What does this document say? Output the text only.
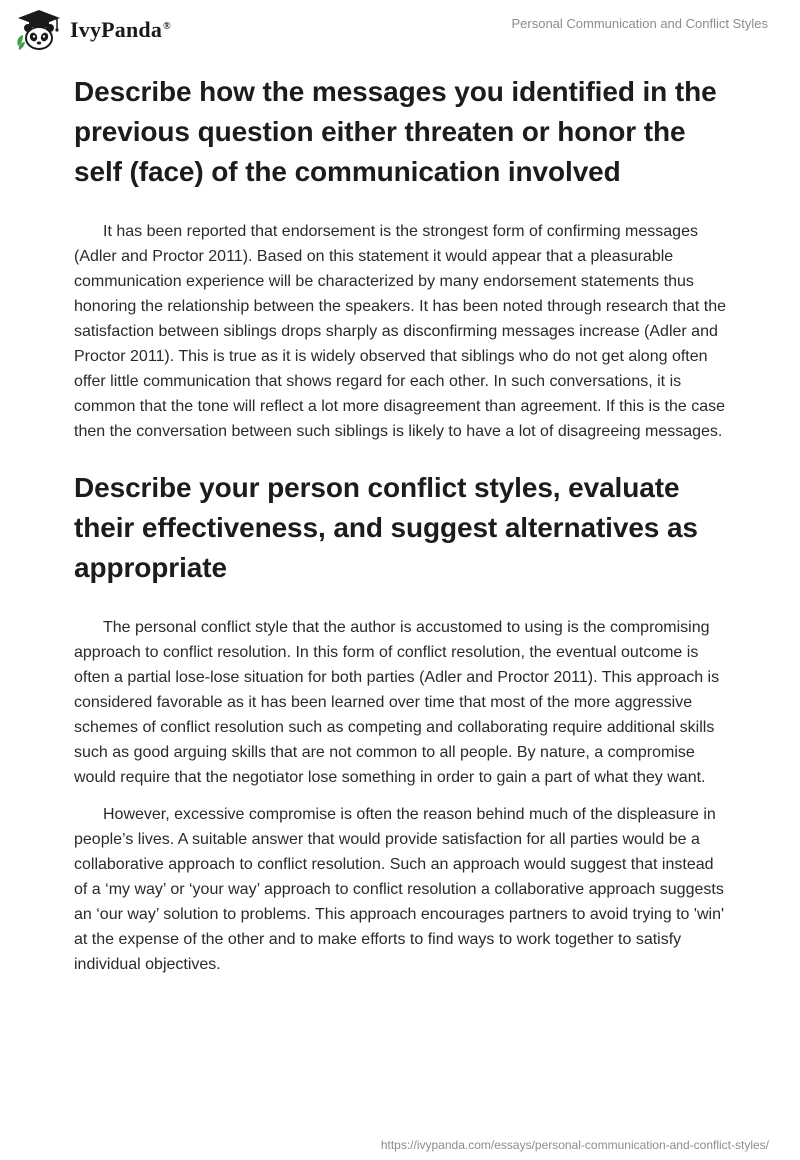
IvyPanda®	Personal Communication and Conflict Styles
Describe how the messages you identified in the previous question either threaten or honor the self (face) of the communication involved

It has been reported that endorsement is the strongest form of confirming messages (Adler and Proctor 2011). Based on this statement it would appear that a pleasurable communication experience will be characterized by many endorsement statements thus honoring the relationship between the speakers. It has been noted through research that the satisfaction between siblings drops sharply as disconfirming messages increase (Adler and Proctor 2011). This is true as it is widely observed that siblings who do not get along often offer little communication that shows regard for each other. In such conversations, it is common that the tone will reflect a lot more disagreement than agreement. If this is the case then the conversation between such siblings is likely to have a lot of disagreeing messages.

Describe your person conflict styles, evaluate their effectiveness, and suggest alternatives as appropriate

The personal conflict style that the author is accustomed to using is the compromising approach to conflict resolution. In this form of conflict resolution, the eventual outcome is often a partial lose-lose situation for both parties (Adler and Proctor 2011). This approach is considered favorable as it has been learned over time that most of the more aggressive schemes of conflict resolution such as competing and collaborating require additional skills such as good arguing skills that are not common to all people. By nature, a compromise would require that the negotiator lose something in order to gain a part of what they want.

However, excessive compromise is often the reason behind much of the displeasure in people’s lives. A suitable answer that would provide satisfaction for all parties would be a collaborative approach to conflict resolution. Such an approach would suggest that instead of a ‘my way’ or ‘your way’ approach to conflict resolution a collaborative approach suggests an ‘our way’ solution to problems. This approach encourages partners to avoid trying to 'win' at the expense of the other and to make efforts to find ways to work together to satisfy individual objectives.

https://ivypanda.com/essays/personal-communication-and-conflict-styles/
